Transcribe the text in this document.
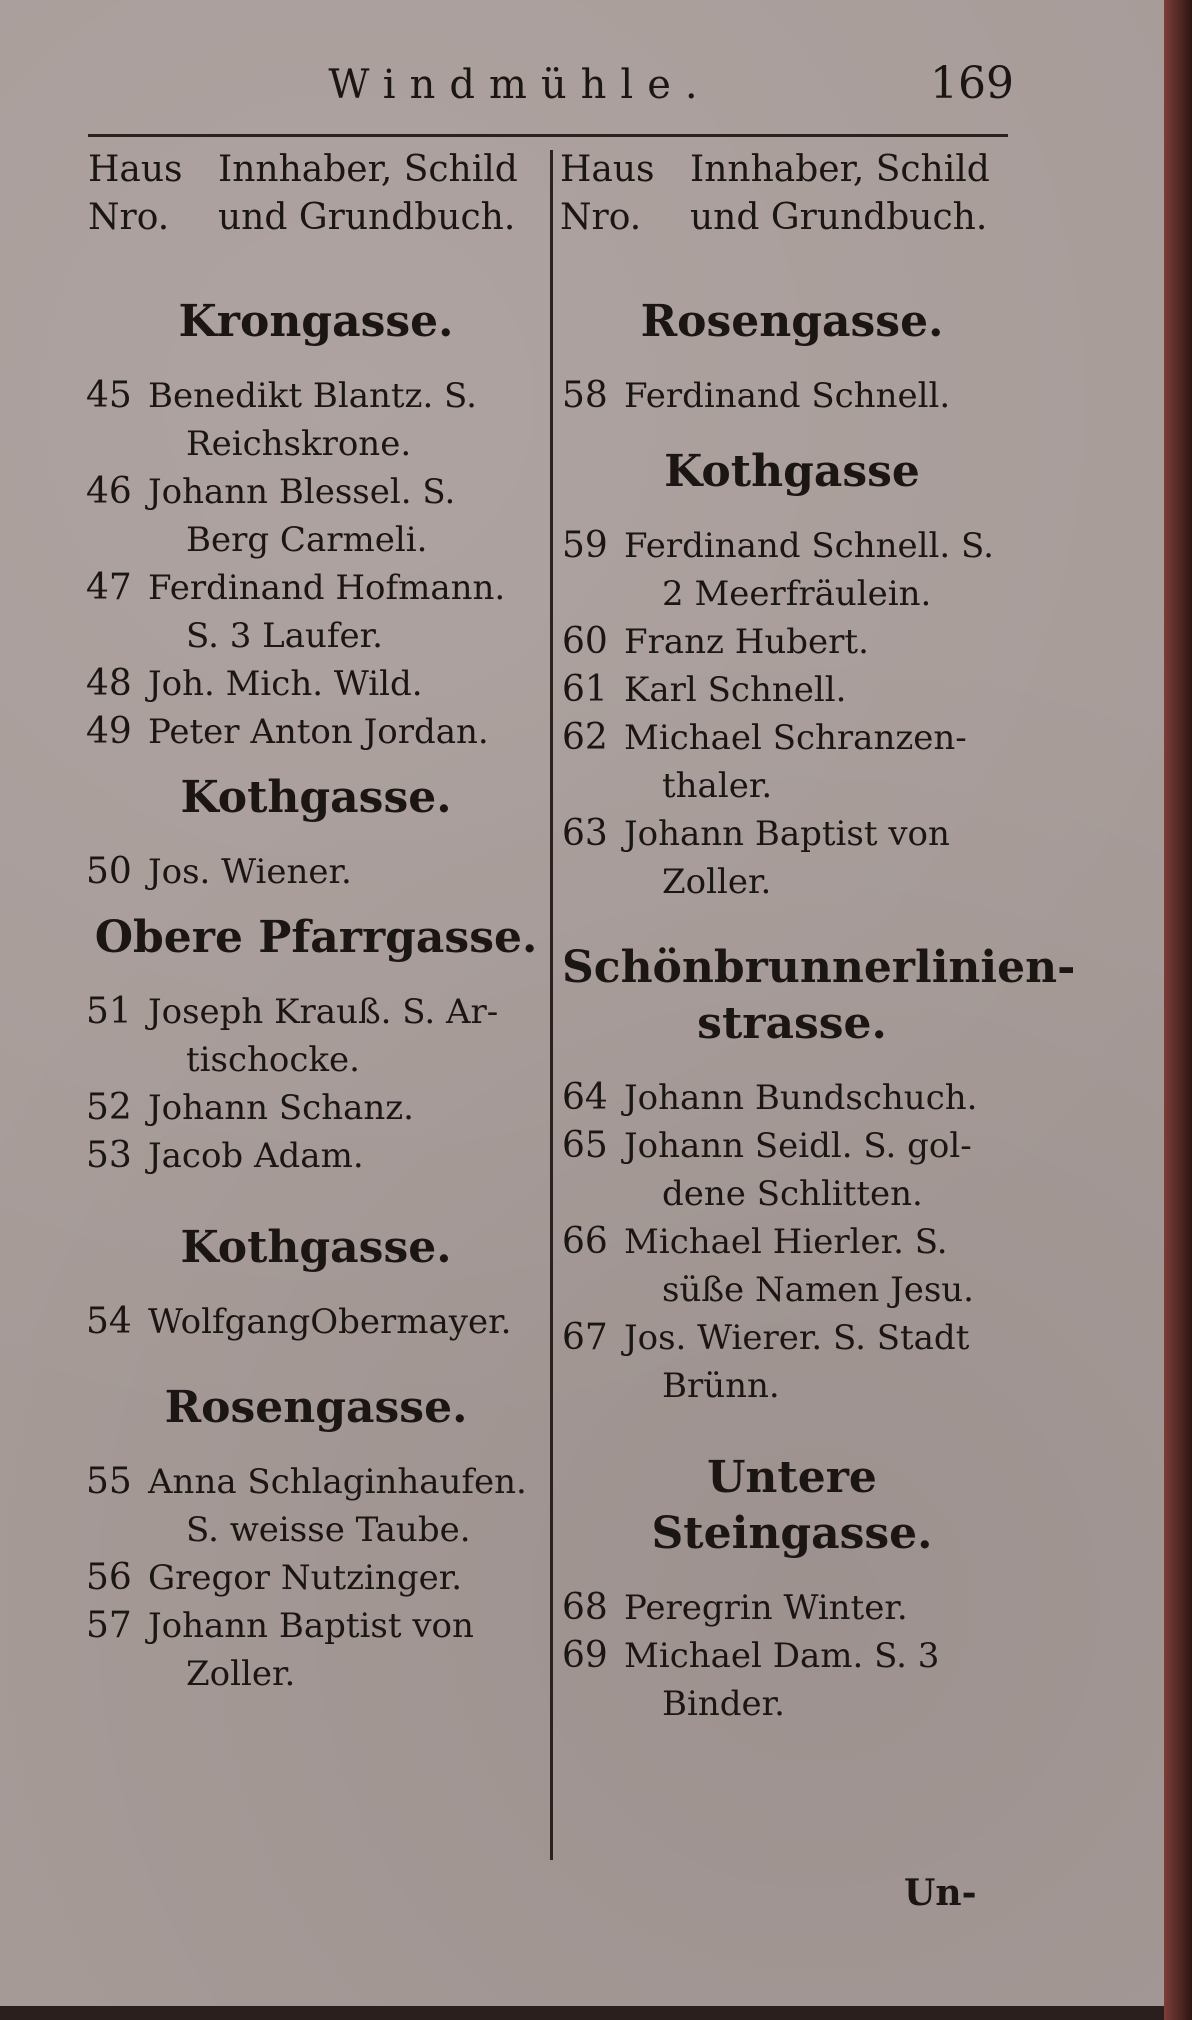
Windmühle.	169
Haus Innhaber, Schild
Nro.	und Grundbuch.
Haus Innhaber, Schild
Nro.	und Grundbuch.
Krongasse.
45 Benedikt Blantz. S.
Reichskrone.
46 Johann Blessel. S.
Berg Carmeli.
47 Ferdinand Hofmann.
S. 3 Laufer.
48 Joh. Mich. Wild.
49 Peter Anton Jordan.
Kothgasse.
50 Jos. Wiener.
Obere Pfarrgasse.
51 Joseph Krauß. S. Ar-
tischocke.
52 Johann Schanz.
53 Jacob Adam.
Kothgasse.
54 WolfgangObermayer.
Rosengasse.
55 Anna Schlaginhaufen.
S. weisse Taube.
56 Gregor Nutzinger.
57 Johann Baptist von
Zoller.
Rosengasse.
58 Ferdinand Schnell.
Kothgasse
59 Ferdinand Schnell. S.
2 Meerfräulein.
60 Franz Hubert.
61 Karl Schnell.
62 Michael Schranzen-
thaler.
63 Johann Baptist von
Zoller.
Schönbrunnerlinien-
strasse.
64 Johann Bundschuch.
65 Johann Seidl. S. gol-
dene Schlitten.
66 Michael Hierler. S.
süße Namen Jesu.
67 Jos. Wierer. S. Stadt
Brünn.
Untere Steingasse.
68 Peregrin Winter.
69 Michael Dam. S. 3
Binder.
Un-
